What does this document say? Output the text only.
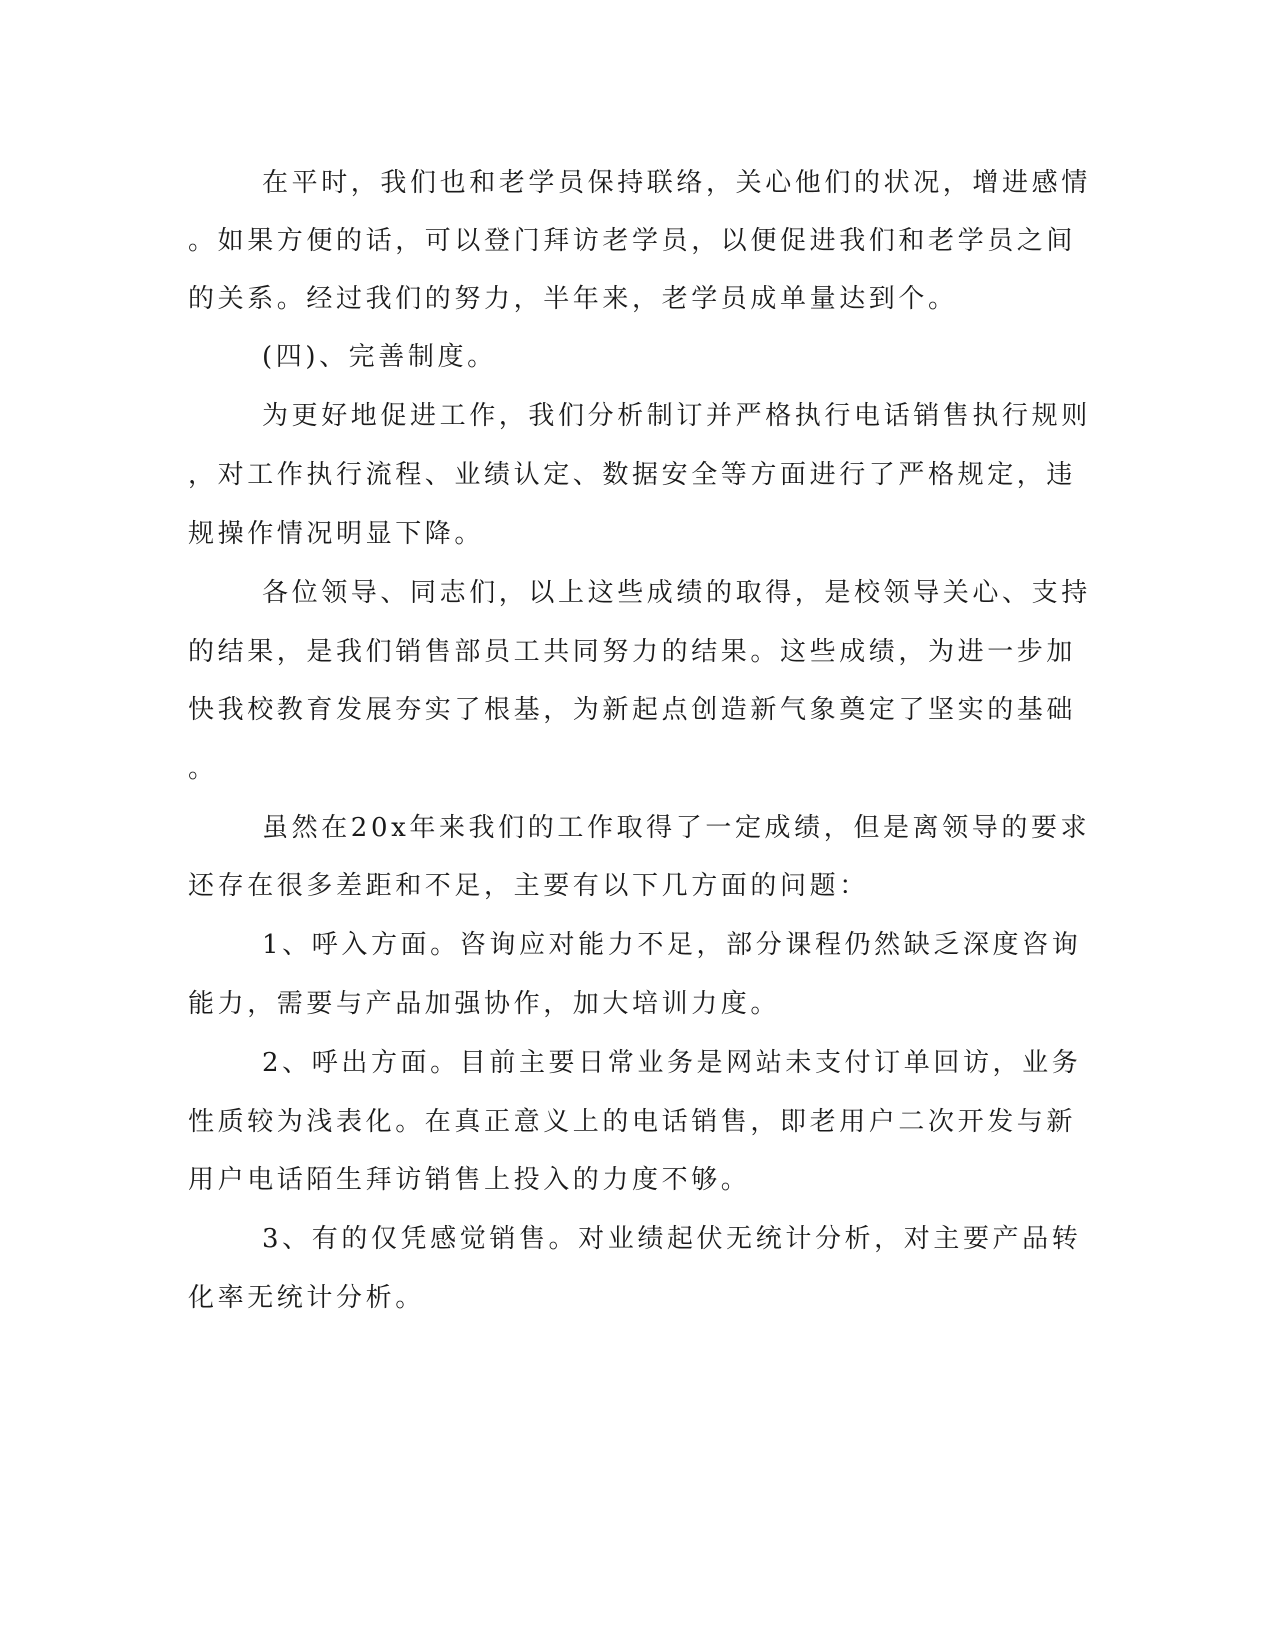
在平时，我们也和老学员保持联络，关心他们的状况，增进感情
。如果方便的话，可以登门拜访老学员，以便促进我们和老学员之间
的关系。经过我们的努力，半年来，老学员成单量达到个。
(四)、完善制度。
为更好地促进工作，我们分析制订并严格执行电话销售执行规则
，对工作执行流程、业绩认定、数据安全等方面进行了严格规定，违
规操作情况明显下降。
各位领导、同志们，以上这些成绩的取得，是校领导关心、支持
的结果，是我们销售部员工共同努力的结果。这些成绩，为进一步加
快我校教育发展夯实了根基，为新起点创造新气象奠定了坚实的基础
。
虽然在20x年来我们的工作取得了一定成绩，但是离领导的要求
还存在很多差距和不足，主要有以下几方面的问题：
1、呼入方面。咨询应对能力不足，部分课程仍然缺乏深度咨询
能力，需要与产品加强协作，加大培训力度。
2、呼出方面。目前主要日常业务是网站未支付订单回访，业务
性质较为浅表化。在真正意义上的电话销售，即老用户二次开发与新
用户电话陌生拜访销售上投入的力度不够。
3、有的仅凭感觉销售。对业绩起伏无统计分析，对主要产品转
化率无统计分析。
